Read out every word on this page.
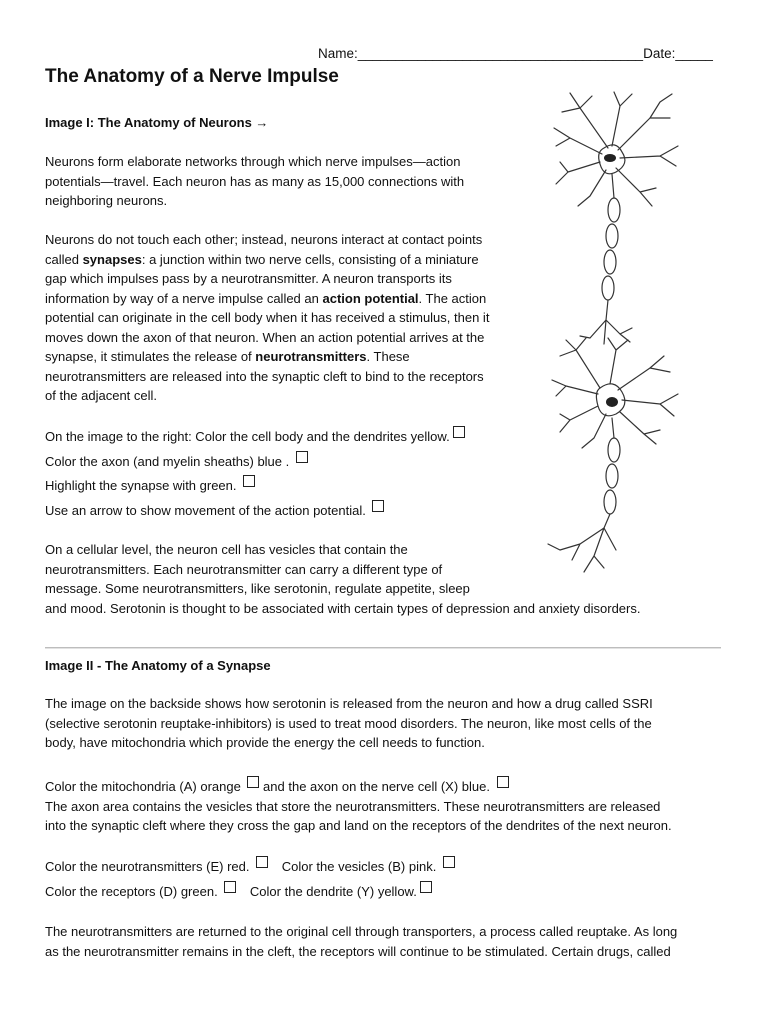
Name:______________________________________Date:_____
The Anatomy of a Nerve Impulse
Image I: The Anatomy of Neurons →
Neurons form elaborate networks through which nerve impulses—action
potentials—travel. Each neuron has as many as 15,000 connections with
neighboring neurons.
Neurons do not touch each other; instead, neurons interact at contact points
called synapses: a junction within two nerve cells, consisting of a miniature
gap which impulses pass by a neurotransmitter. A neuron transports its
information by way of a nerve impulse called an action potential. The action
potential can originate in the cell body when it has received a stimulus, then it
moves down the axon of that neuron. When an action potential arrives at the
synapse, it stimulates the release of neurotransmitters. These
neurotransmitters are released into the synaptic cleft to bind to the receptors
of the adjacent cell.
On the image to the right: Color the cell body and the dendrites yellow.
Color the axon (and myelin sheaths) blue .
Highlight the synapse with green.
Use an arrow to show movement of the action potential.
On a cellular level, the neuron cell has vesicles that contain the
neurotransmitters. Each neurotransmitter can carry a different type of
message. Some neurotransmitters, like serotonin, regulate appetite, sleep
and mood. Serotonin is thought to be associated with certain types of depression and anxiety disorders.
Image II - The Anatomy of a Synapse
The image on the backside shows how serotonin is released from the neuron and how a drug called SSRI
(selective serotonin reuptake-inhibitors) is used to treat mood disorders. The neuron, like most cells of the
body, have mitochondria which provide the energy the cell needs to function.
Color the mitochondria (A) orange  and the axon on the nerve cell (X) blue.
The axon area contains the vesicles that store the neurotransmitters. These neurotransmitters are released
into the synaptic cleft where they cross the gap and land on the receptors of the dendrites of the next neuron.
Color the neurotransmitters (E) red.  Color the vesicles (B) pink.
Color the receptors (D) green.  Color the dendrite (Y) yellow.
The neurotransmitters are returned to the original cell through transporters, a process called reuptake. As long
as the neurotransmitter remains in the cleft, the receptors will continue to be stimulated. Certain drugs, called
